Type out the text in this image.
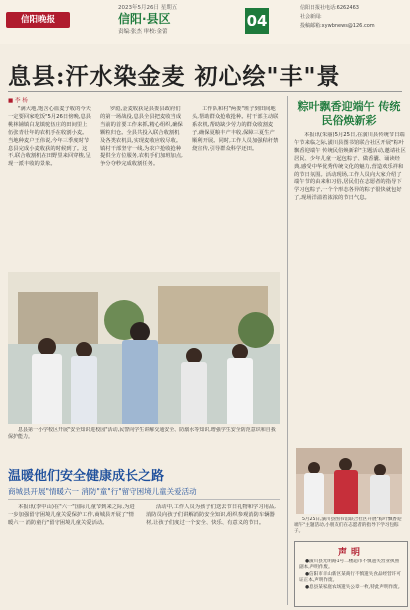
2023年5月26日 星期五
信阳晚报	信阳·县区
责编:张杰 审校:金蕾
04
信阳日报社电话:6262463
社会新闻:
投稿邮箱:xywbnews@126.com
息县:汗水染金麦 初心绘"丰"景
■ 李 杨

"满大地,饱含心血麦子收的今天一定要回家吃饭"5月26日傍晚,息县桃林铺镇白龙镇驼伍庄的田间里上伍张青壮年的农机手在收割小麦。当地种麦户王伟说,今年三季度时节息县完成小麦收获的时候到了。这不,联合收割机在田野里来回穿梭,呈现一派丰收的景象。

罗彪,金麦收获是县委县政府们的第一场战役,息县全县把麦收当成当前的首要工作来抓,精心组织,确保颗粒归仓。全县共投入联合收割机及各类农机具,实现麦收应收尽收。镇村干部坚守一线,为农户抢收抢种提供全方位服务,农机手们加班加点,争分夺秒完成收割任务。

工作队和村"两委"班子到田间地头,帮助群众抢收抢种。村干部主动联系农机,帮助缺少劳力的群众收割麦子,确保夏粮丰产丰收,保障三夏生产顺利开展。同时,工作人员加强秸秆禁烧宣传,引导群众科学还田。

息县第一小学校区开展"安全知识进校园"活动,民警向学生讲解交通安全、防溺水等知识,增强学生安全防范意识和自我保护能力。

温暖他们安全健康成长之路
商城县开展"情暖六一 消防"童"行"留守困境儿童关爱活动

本报讯(李中山)在"六一"国际儿童节到来之际,为进一步加强留守困境儿童关爱保护工作,商城县开展了"情暖六一 消防童行"留守困境儿童关爱活动。

活动中,工作人员为孩子们送去节日礼物和学习用品,消防员向孩子们讲解消防安全知识,组织参观消防车辆器材,让孩子们度过一个安全、快乐、有意义的节日。

粽叶飘香迎端午 传统民俗焕新彩

本报讯(朱丽)5月25日,在潢川县传统节日端午节来临之际,潢川县图书馆联合社区开展"粽叶飘香迎端午 传统民俗焕新彩"主题活动,邀请社区居民、少年儿童一起包粽子、做香囊、诵读经典,感受中华优秀传统文化的魅力,营造欢乐祥和的节日氛围。活动现场,工作人员向大家介绍了端午节的由来和习俗,居民们在志愿者的指导下学习包粽子,一个个形态各异的粽子很快就包好了,现场洋溢着浓浓的节日气息。

5月25日,潢川县图书馆联合社区开展"粽叶飘香迎端午"主题活动,小朋友们在志愿者的指导下学习包粽子。

声明

●潢川县光明路1号二楼超市不慎遗失营业执照副本,声明作废。

●信阳市羊山新区某商行不慎遗失食品经营许可证正本,声明作废。

●息县某家庭农场遗失公章一枚,特此声明作废。
